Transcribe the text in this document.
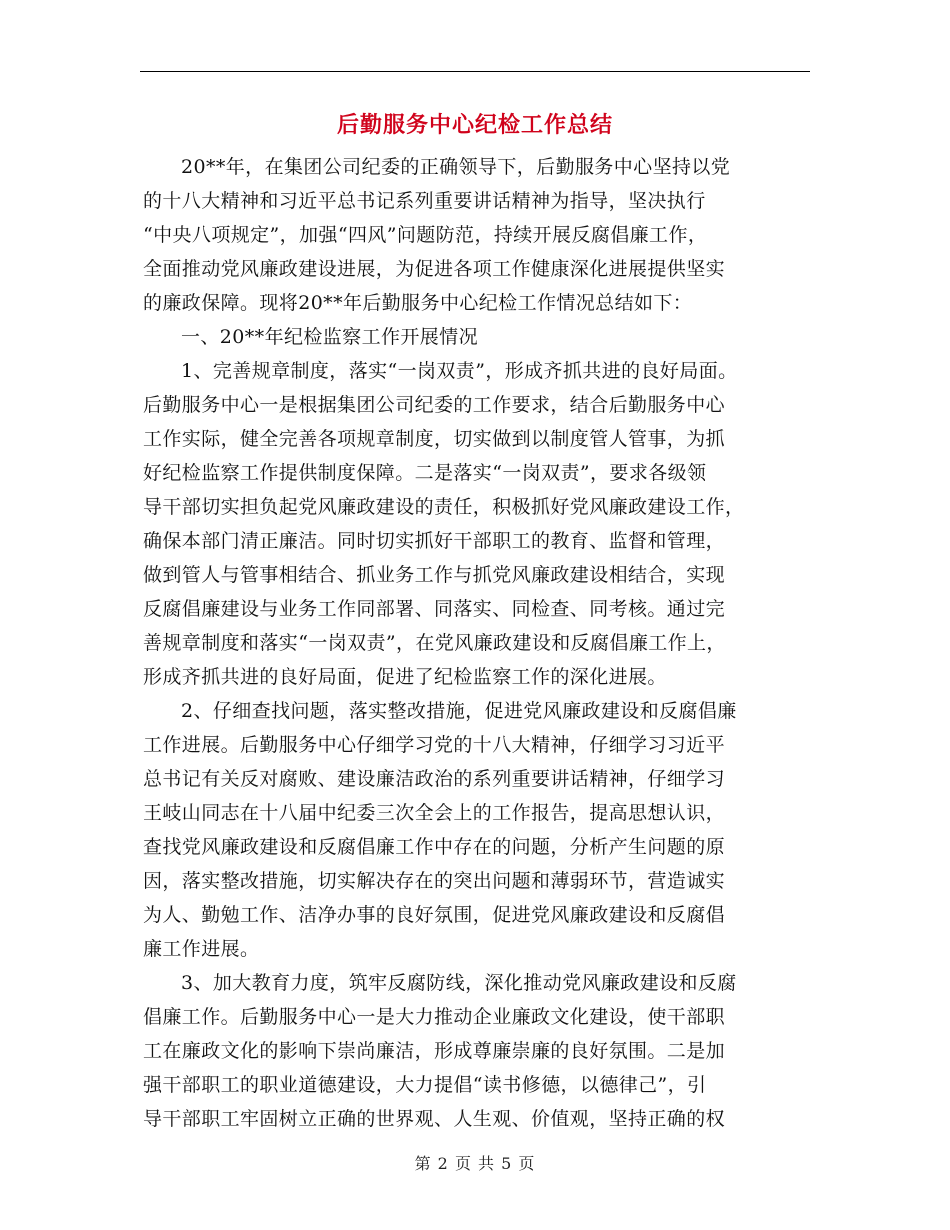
后勤服务中心纪检工作总结
20**年，在集团公司纪委的正确领导下，后勤服务中心坚持以党
的十八大精神和习近平总书记系列重要讲话精神为指导，坚决执行
“中央八项规定”，加强“四风”问题防范，持续开展反腐倡廉工作，
全面推动党风廉政建设进展，为促进各项工作健康深化进展提供坚实
的廉政保障。现将20**年后勤服务中心纪检工作情况总结如下：
一、20**年纪检监察工作开展情况
1、完善规章制度，落实“一岗双责”，形成齐抓共进的良好局面。
后勤服务中心一是根据集团公司纪委的工作要求，结合后勤服务中心
工作实际，健全完善各项规章制度，切实做到以制度管人管事，为抓
好纪检监察工作提供制度保障。二是落实“一岗双责”，要求各级领
导干部切实担负起党风廉政建设的责任，积极抓好党风廉政建设工作，
确保本部门清正廉洁。同时切实抓好干部职工的教育、监督和管理，
做到管人与管事相结合、抓业务工作与抓党风廉政建设相结合，实现
反腐倡廉建设与业务工作同部署、同落实、同检查、同考核。通过完
善规章制度和落实“一岗双责”，在党风廉政建设和反腐倡廉工作上，
形成齐抓共进的良好局面，促进了纪检监察工作的深化进展。
2、仔细查找问题，落实整改措施，促进党风廉政建设和反腐倡廉
工作进展。后勤服务中心仔细学习党的十八大精神，仔细学习习近平
总书记有关反对腐败、建设廉洁政治的系列重要讲话精神，仔细学习
王岐山同志在十八届中纪委三次全会上的工作报告，提高思想认识，
查找党风廉政建设和反腐倡廉工作中存在的问题，分析产生问题的原
因，落实整改措施，切实解决存在的突出问题和薄弱环节，营造诚实
为人、勤勉工作、洁净办事的良好氛围，促进党风廉政建设和反腐倡
廉工作进展。
3、加大教育力度，筑牢反腐防线，深化推动党风廉政建设和反腐
倡廉工作。后勤服务中心一是大力推动企业廉政文化建设，使干部职
工在廉政文化的影响下崇尚廉洁，形成尊廉崇廉的良好氛围。二是加
强干部职工的职业道德建设，大力提倡“读书修德，以德律己”，引
导干部职工牢固树立正确的世界观、人生观、价值观，坚持正确的权
第 2 页 共 5 页
